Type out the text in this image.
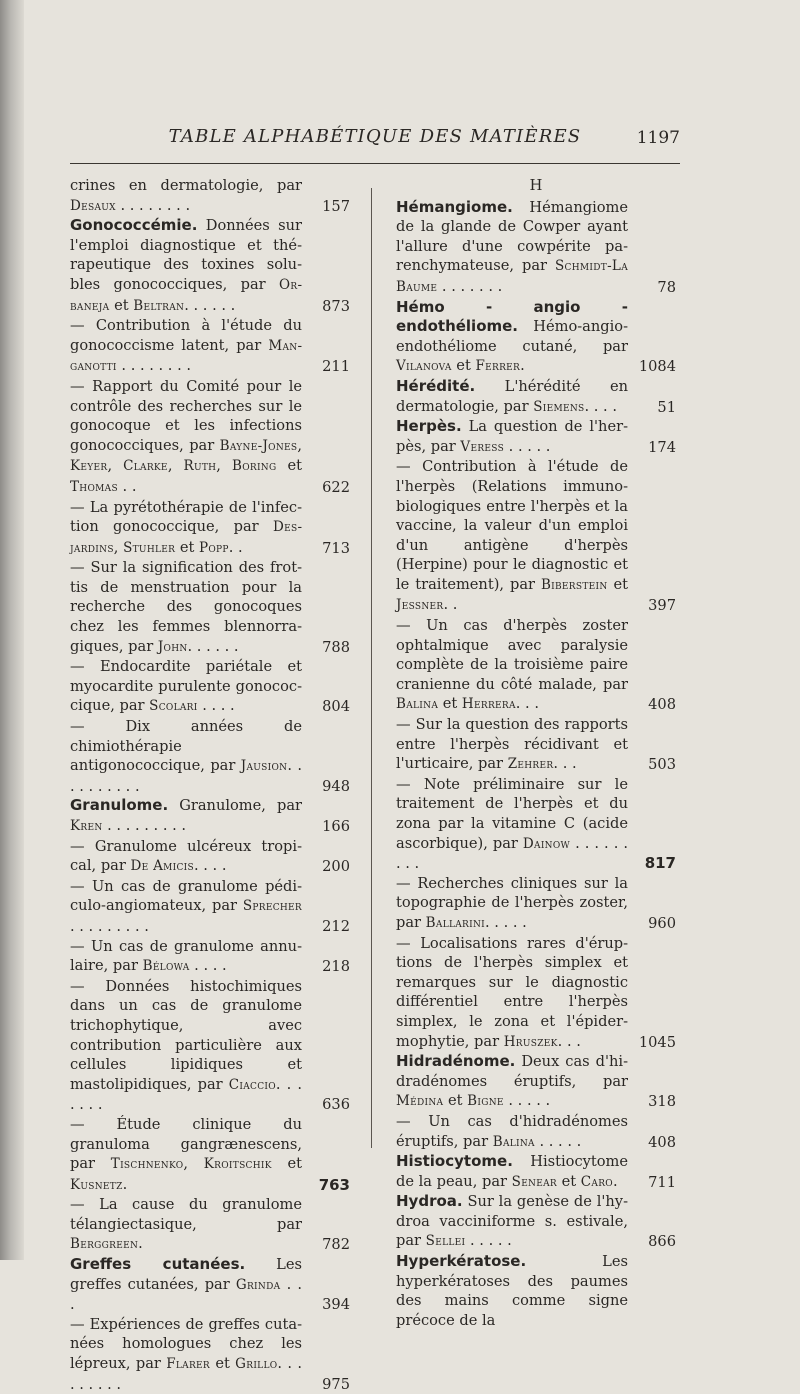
TABLE ALPHABÉTIQUE DES MATIÈRES	1197

crines en dermatologie, par Desaux . . . . . . . .	157

Gonococcémie. Données sur l'emploi diagnostique et thérapeutique des toxines solubles gonococciques, par Orbaneja et Beltran. . . . . .	873

— Contribution à l'étude du gonococcisme latent, par Manganotti . . . . . . . .	211

— Rapport du Comité pour le contrôle des recherches sur le gonocoque et les infections gonococciques, par Bayne-Jones, Keyer, Clarke, Ruth, Boring et Thomas . .	622

— La pyrétothérapie de l'infection gonococcique, par Desjardins, Stuhler et Popp. .	713

— Sur la signification des frottis de menstruation pour la recherche des gonocoques chez les femmes blennorragiques, par John. . . . . .	788

— Endocardite pariétale et myocardite purulente gonococcique, par Scolari . . . .	804

— Dix années de chimiothérapie antigonococcique, par Jausion. . . . . . . . . .	948

Granulome. Granulome, par Kren . . . . . . . . .	166

— Granulome ulcéreux tropical, par De Amicis. . . .	200

— Un cas de granulome pédiculo-angiomateux, par Sprecher . . . . . . . . .	212

— Un cas de granulome annulaire, par Bélowa . . . .	218

— Données histochimiques dans un cas de granulome trichophytique, avec contribution particulière aux cellules lipidiques et mastolipidiques, par Ciaccio. . . . . . .	636

— Étude clinique du granuloma gangrænescens, par Tischnenko, Kroitschik et Kusnetz.	763

— La cause du granulome télangiectasique, par Berggreen.	782

Greffes cutanées. Les greffes cutanées, par Grinda . . .	394

— Expériences de greffes cutanées homologues chez les lépreux, par Flarer et Grillo. . . . . . . . .	975

H

Hémangiome. Hémangiome de la glande de Cowper ayant l'allure d'une cowpérite parenchymateuse, par Schmidt-La Baume . . . . . . .	78

Hémo - angio - endothéliome. Hémo-angio-endothéliome cutané, par Vilanova et Ferrer.	1084

Hérédité. L'hérédité en dermatologie, par Siemens. . . .	51

Herpès. La question de l'herpès, par Veress . . . . .	174

— Contribution à l'étude de l'herpès (Relations immunobiologiques entre l'herpès et la vaccine, la valeur d'un emploi d'un antigène d'herpès (Herpine) pour le diagnostic et le traitement), par Biberstein et Jessner. .	397

— Un cas d'herpès zoster ophtalmique avec paralysie complète de la troisième paire cranienne du côté malade, par Balina et Herrera. . .	408

— Sur la question des rapports entre l'herpès récidivant et l'urticaire, par Zehrer. . .	503

— Note préliminaire sur le traitement de l'herpès et du zona par la vitamine C (acide ascorbique), par Dainow . . . . . . . . .	817

— Recherches cliniques sur la topographie de l'herpès zoster, par Ballarini. . . . .	960

— Localisations rares d'éruptions de l'herpès simplex et remarques sur le diagnostic différentiel entre l'herpès simplex, le zona et l'épidermophytie, par Hruszek. . .	1045

Hidradénome. Deux cas d'hidradénomes éruptifs, par Médina et Bigne . . . . .	318

— Un cas d'hidradénomes éruptifs, par Balina . . . . .	408

Histiocytome. Histiocytome de la peau, par Senear et Caro. 711

Hydroa. Sur la genèse de l'hydroa vacciniforme s. estivale, par Sellei . . . . .	866

Hyperkératose. Les hyperkératoses des paumes des mains comme signe précoce de la
